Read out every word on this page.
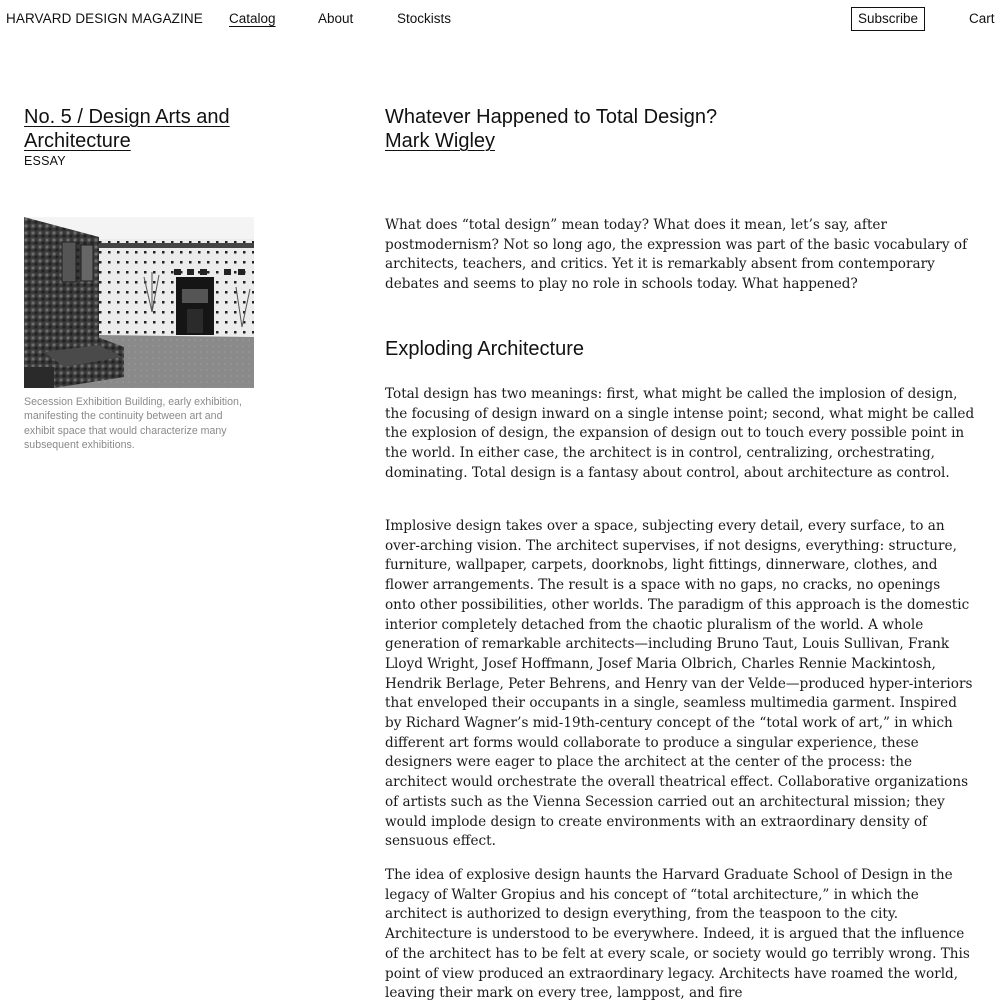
HARVARD DESIGN MAGAZINE Catalog	About	Stockists	Subscribe	Cart
No. 5 / Design Arts and Architecture
ESSAY
Secession Exhibition Building, early exhibition, manifesting the continuity between art and exhibit space that would characterize many subsequent exhibitions.
Whatever Happened to Total Design?
Mark Wigley

What does “total design” mean today? What does it mean, let’s say, after postmodernism? Not so long ago, the expression was part of the basic vocabulary of architects, teachers, and critics. Yet it is remarkably absent from contemporary debates and seems to play no role in schools today. What happened?

Exploding Architecture

Total design has two meanings: first, what might be called the implosion of design, the focusing of design inward on a single intense point; second, what might be called the explosion of design, the expansion of design out to touch every possible point in the world. In either case, the architect is in control, centralizing, orchestrating, dominating. Total design is a fantasy about control, about architecture as control.

Implosive design takes over a space, subjecting every detail, every surface, to an over-arching vision. The architect supervises, if not designs, everything: structure, furniture, wallpaper, carpets, doorknobs, light fittings, dinnerware, clothes, and flower arrangements. The result is a space with no gaps, no cracks, no openings onto other possibilities, other worlds. The paradigm of this approach is the domestic interior completely detached from the chaotic pluralism of the world. A whole generation of remarkable architects—including Bruno Taut, Louis Sullivan, Frank Lloyd Wright, Josef Hoffmann, Josef Maria Olbrich, Charles Rennie Mackintosh, Hendrik Berlage, Peter Behrens, and Henry van der Velde—produced hyper-interiors that enveloped their occupants in a single, seamless multimedia garment. Inspired by Richard Wagner’s mid-19th-century concept of the “total work of art,” in which different art forms would collaborate to produce a singular experience, these designers were eager to place the architect at the center of the process: the architect would orchestrate the overall theatrical effect. Collaborative organizations of artists such as the Vienna Secession carried out an architectural mission; they would implode design to create environments with an extraordinary density of sensuous effect.

The idea of explosive design haunts the Harvard Graduate School of Design in the legacy of Walter Gropius and his concept of “total architecture,” in which the architect is authorized to design everything, from the teaspoon to the city. Architecture is understood to be everywhere. Indeed, it is argued that the influence of the architect has to be felt at every scale, or society would go terribly wrong. This point of view produced an extraordinary legacy. Architects have roamed the world, leaving their mark on every tree, lamppost, and fire
